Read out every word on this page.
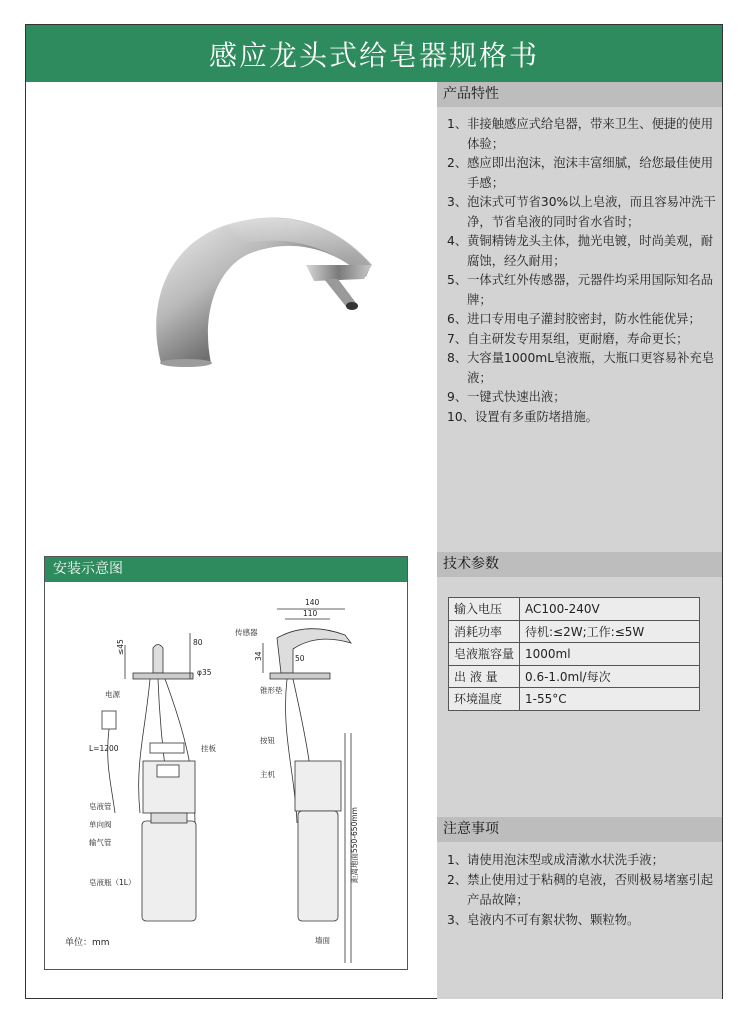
感应龙头式给皂器规格书
安装示意图
电源
L=1200
皂液管
单向阀
输气管
皂液瓶（1L）
挂板
传感器
锥形垫
按钮
主机
墙面
距离地面550-650mm
140
110
80
≤45
φ35
34	50
单位：mm
产品特性
1、 非接触感应式给皂器，带来卫生、便捷的使用体验；
2、 感应即出泡沫，泡沫丰富细腻，给您最佳使用手感；
3、 泡沫式可节省30%以上皂液，而且容易冲洗干净，节省皂液的同时省水省时；
4、 黄铜精铸龙头主体，抛光电镀，时尚美观，耐腐蚀，经久耐用；
5、 一体式红外传感器，元器件均采用国际知名品牌；
6、 进口专用电子灌封胶密封，防水性能优异；
7、 自主研发专用泵组，更耐磨，寿命更长；
8、 大容量1000mL皂液瓶，大瓶口更容易补充皂液；
9、 一键式快速出液；
10、 设置有多重防堵措施。
技术参数
输入电压	AC100-240V
消耗功率	待机:≤2W;工作:≤5W
皂液瓶容量	1000ml
出 液 量	0.6-1.0ml/每次
环境温度	1-55°C
注意事项
1、 请使用泡沫型或成清漱水状洗手液；
2、 禁止使用过于粘稠的皂液，否则极易堵塞引起产品故障；
3、 皂液内不可有絮状物、颗粒物。
